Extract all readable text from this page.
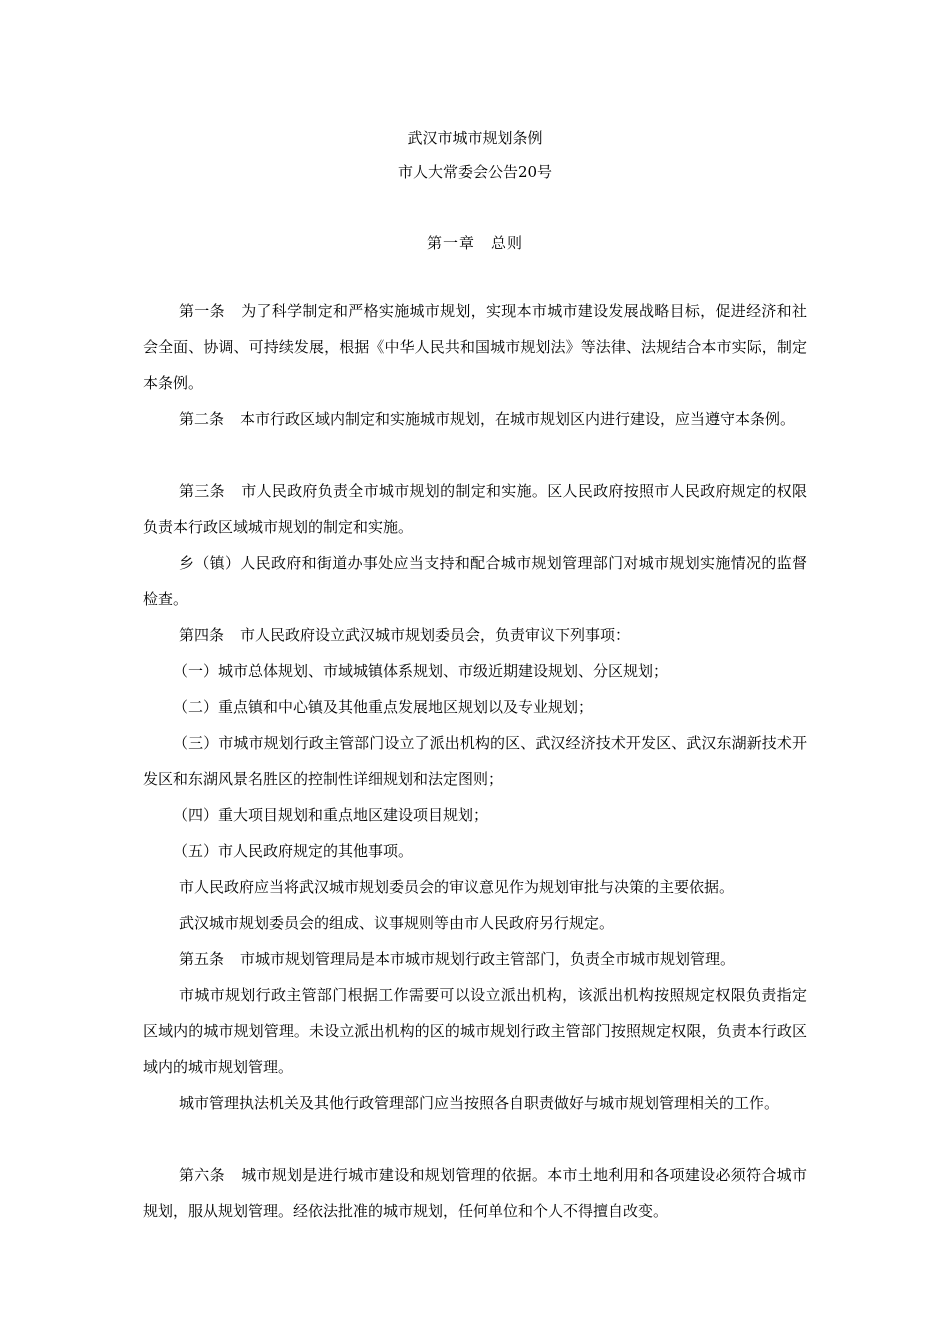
武汉市城市规划条例
市人大常委会公告20号
第一章 总则

第一条 为了科学制定和严格实施城市规划，实现本市城市建设发展战略目标，促进经济和社会全面、协调、可持续发展，根据《中华人民共和国城市规划法》等法律、法规结合本市实际，制定本条例。

第二条 本市行政区域内制定和实施城市规划，在城市规划区内进行建设，应当遵守本条例。

第三条 市人民政府负责全市城市规划的制定和实施。区人民政府按照市人民政府规定的权限负责本行政区域城市规划的制定和实施。

乡（镇）人民政府和街道办事处应当支持和配合城市规划管理部门对城市规划实施情况的监督检查。

第四条 市人民政府设立武汉城市规划委员会，负责审议下列事项：

（一）城市总体规划、市域城镇体系规划、市级近期建设规划、分区规划；

（二）重点镇和中心镇及其他重点发展地区规划以及专业规划；

（三）市城市规划行政主管部门设立了派出机构的区、武汉经济技术开发区、武汉东湖新技术开发区和东湖风景名胜区的控制性详细规划和法定图则；

（四）重大项目规划和重点地区建设项目规划；

（五）市人民政府规定的其他事项。

市人民政府应当将武汉城市规划委员会的审议意见作为规划审批与决策的主要依据。

武汉城市规划委员会的组成、议事规则等由市人民政府另行规定。

第五条 市城市规划管理局是本市城市规划行政主管部门，负责全市城市规划管理。

市城市规划行政主管部门根据工作需要可以设立派出机构，该派出机构按照规定权限负责指定区域内的城市规划管理。未设立派出机构的区的城市规划行政主管部门按照规定权限，负责本行政区域内的城市规划管理。

城市管理执法机关及其他行政管理部门应当按照各自职责做好与城市规划管理相关的工作。

第六条 城市规划是进行城市建设和规划管理的依据。本市土地利用和各项建设必须符合城市规划，服从规划管理。经依法批准的城市规划，任何单位和个人不得擅自改变。
